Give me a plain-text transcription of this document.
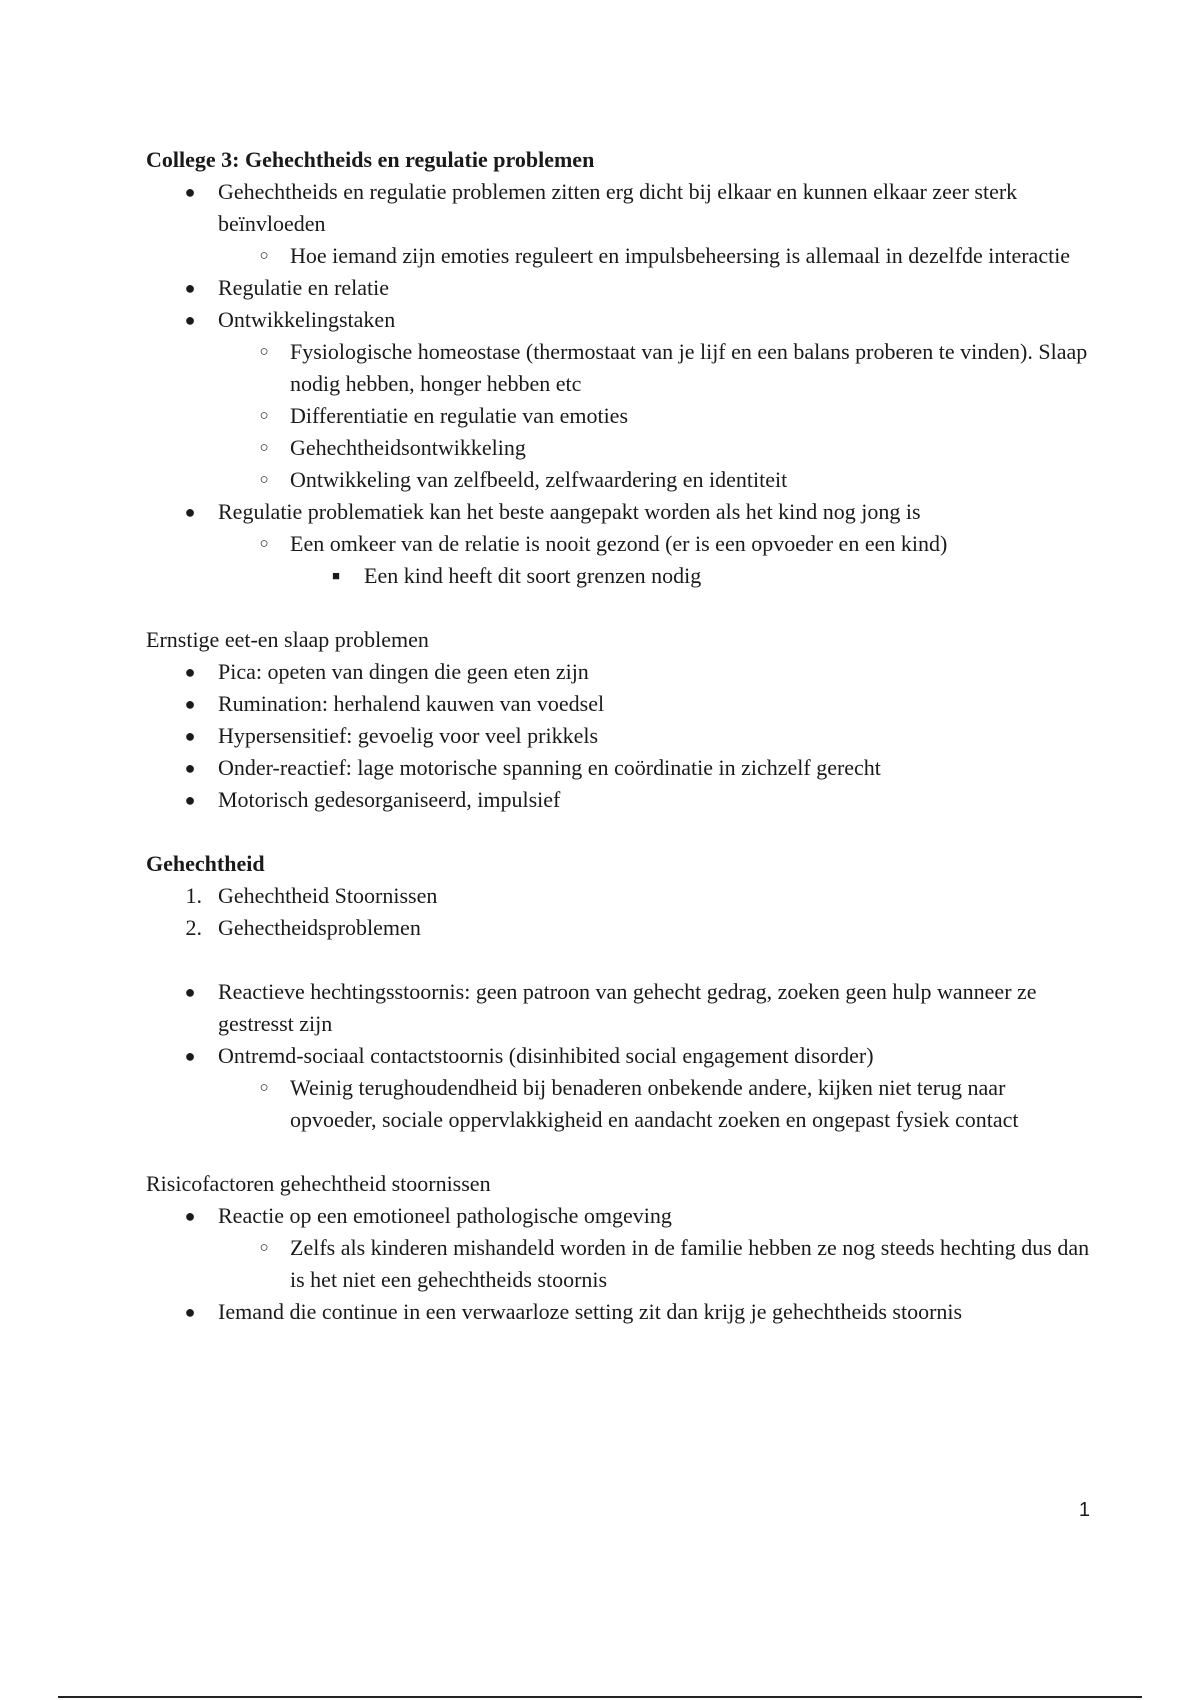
College 3: Gehechtheids en regulatie problemen

● Gehechtheids en regulatie problemen zitten erg dicht bij elkaar en kunnen elkaar zeer sterk beïnvloeden
○ Hoe iemand zijn emoties reguleert en impulsbeheersing is allemaal in dezelfde interactie
● Regulatie en relatie
● Ontwikkelingstaken
○ Fysiologische homeostase (thermostaat van je lijf en een balans proberen te vinden). Slaap nodig hebben, honger hebben etc
○ Differentiatie en regulatie van emoties
○ Gehechtheidsontwikkeling
○ Ontwikkeling van zelfbeeld, zelfwaardering en identiteit
● Regulatie problematiek kan het beste aangepakt worden als het kind nog jong is
○ Een omkeer van de relatie is nooit gezond (er is een opvoeder en een kind)
■ Een kind heeft dit soort grenzen nodig

Ernstige eet-en slaap problemen

● Pica: opeten van dingen die geen eten zijn
● Rumination: herhalend kauwen van voedsel
● Hypersensitief: gevoelig voor veel prikkels
● Onder-reactief: lage motorische spanning en coördinatie in zichzelf gerecht
● Motorisch gedesorganiseerd, impulsief

Gehechtheid

1. Gehechtheid Stoornissen
2. Gehectheidsproblemen
● Reactieve hechtingsstoornis: geen patroon van gehecht gedrag, zoeken geen hulp wanneer ze gestresst zijn
● Ontremd-sociaal contactstoornis (disinhibited social engagement disorder)
○ Weinig terughoudendheid bij benaderen onbekende andere, kijken niet terug naar opvoeder, sociale oppervlakkigheid en aandacht zoeken en ongepast fysiek contact

Risicofactoren gehechtheid stoornissen

● Reactie op een emotioneel pathologische omgeving
○ Zelfs als kinderen mishandeld worden in de familie hebben ze nog steeds hechting dus dan is het niet een gehechtheids stoornis
● Iemand die continue in een verwaarloze setting zit dan krijg je gehechtheids stoornis
1
